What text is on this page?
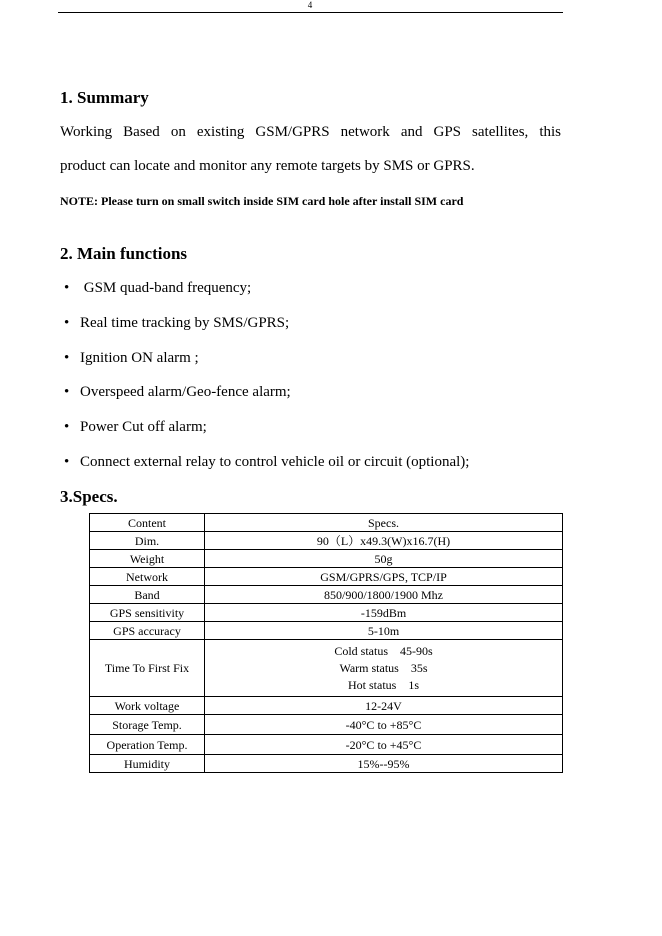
4
1. Summary
Working Based on existing GSM/GPRS network and GPS satellites, this
product can locate and monitor any remote targets by SMS or GPRS.
NOTE: Please turn on small switch inside SIM card hole after install SIM card
2. Main functions
• GSM quad-band frequency;
• Real time tracking by SMS/GPRS;
• Ignition ON alarm ;
• Overspeed alarm/Geo-fence alarm;
• Power Cut off alarm;
• Connect external relay to control vehicle oil or circuit (optional);
3.Specs.
Content	Specs.
Dim.	90（L）x49.3(W)x16.7(H)
Weight	50g
Network	GSM/GPRS/GPS, TCP/IP
Band	850/900/1800/1900 Mhz
GPS sensitivity	-159dBm
GPS accuracy	5-10m
Time To First Fix	Cold status　45-90s
Warm status　35s
Hot status　1s

Work voltage	12-24V
Storage Temp.	-40°C to +85°C
Operation Temp.	-20°C to +45°C
Humidity	15%--95%
